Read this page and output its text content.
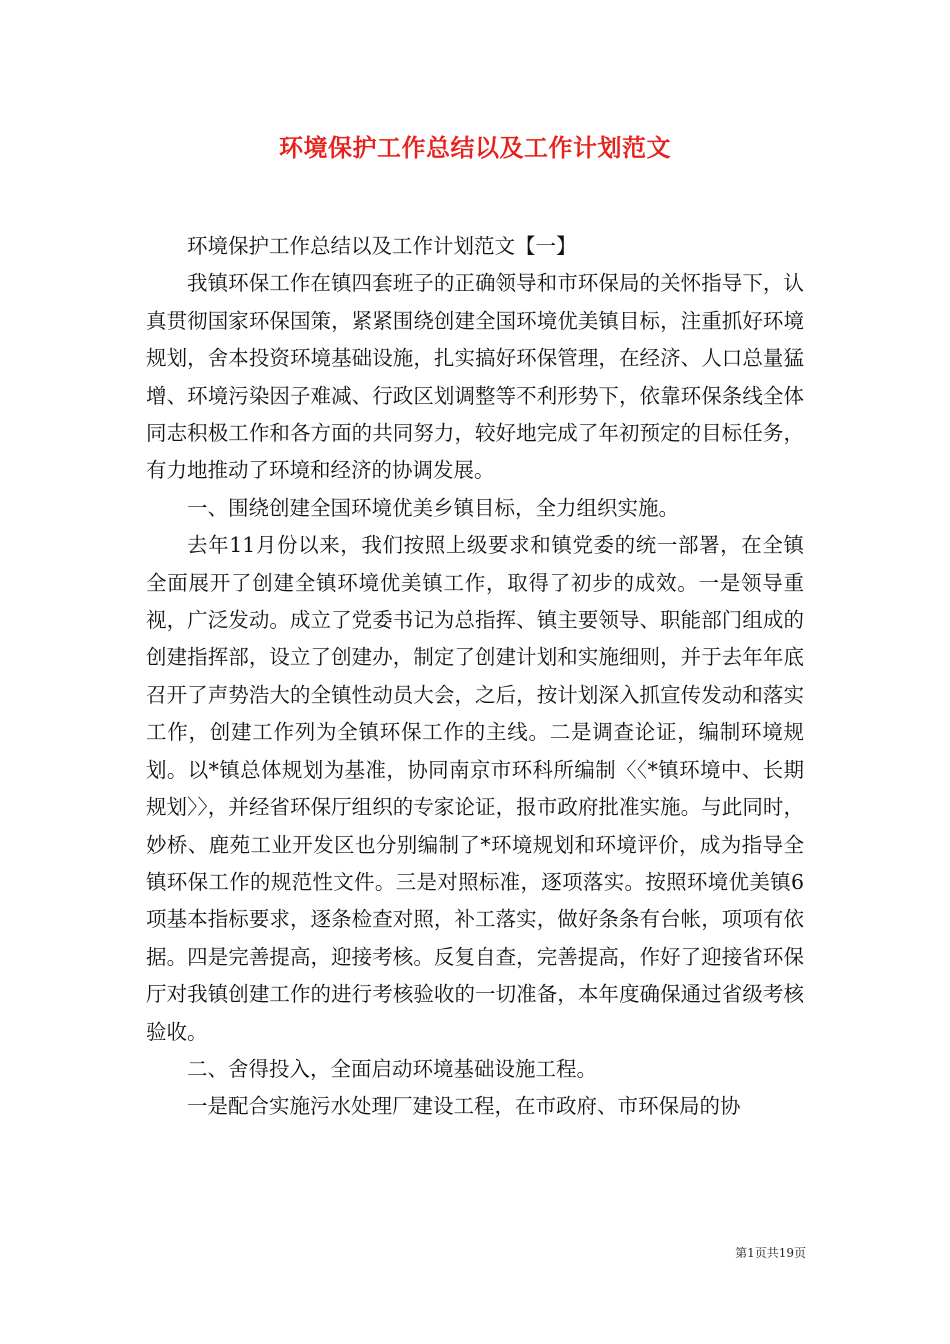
环境保护工作总结以及工作计划范文

环境保护工作总结以及工作计划范文【一】

我镇环保工作在镇四套班子的正确领导和市环保局的关怀指导下，认真贯彻国家环保国策，紧紧围绕创建全国环境优美镇目标，注重抓好环境规划，舍本投资环境基础设施，扎实搞好环保管理，在经济、人口总量猛增、环境污染因子难减、行政区划调整等不利形势下，依靠环保条线全体同志积极工作和各方面的共同努力，较好地完成了年初预定的目标任务，有力地推动了环境和经济的协调发展。

一、围绕创建全国环境优美乡镇目标，全力组织实施。

去年11月份以来，我们按照上级要求和镇党委的统一部署，在全镇全面展开了创建全镇环境优美镇工作，取得了初步的成效。一是领导重视，广泛发动。成立了党委书记为总指挥、镇主要领导、职能部门组成的创建指挥部，设立了创建办，制定了创建计划和实施细则，并于去年年底召开了声势浩大的全镇性动员大会，之后，按计划深入抓宣传发动和落实工作，创建工作列为全镇环保工作的主线。二是调查论证，编制环境规划。以*镇总体规划为基准，协同南京市环科所编制〈〈*镇环境中、长期规划〉〉，并经省环保厅组织的专家论证，报市政府批准实施。与此同时，妙桥、鹿苑工业开发区也分别编制了*环境规划和环境评价，成为指导全镇环保工作的规范性文件。三是对照标准，逐项落实。按照环境优美镇6项基本指标要求，逐条检查对照，补工落实，做好条条有台帐，项项有依据。四是完善提高，迎接考核。反复自查，完善提高，作好了迎接省环保厅对我镇创建工作的进行考核验收的一切准备，本年度确保通过省级考核验收。

二、舍得投入，全面启动环境基础设施工程。

一是配合实施污水处理厂建设工程，在市政府、市环保局的协

第1页共19页
